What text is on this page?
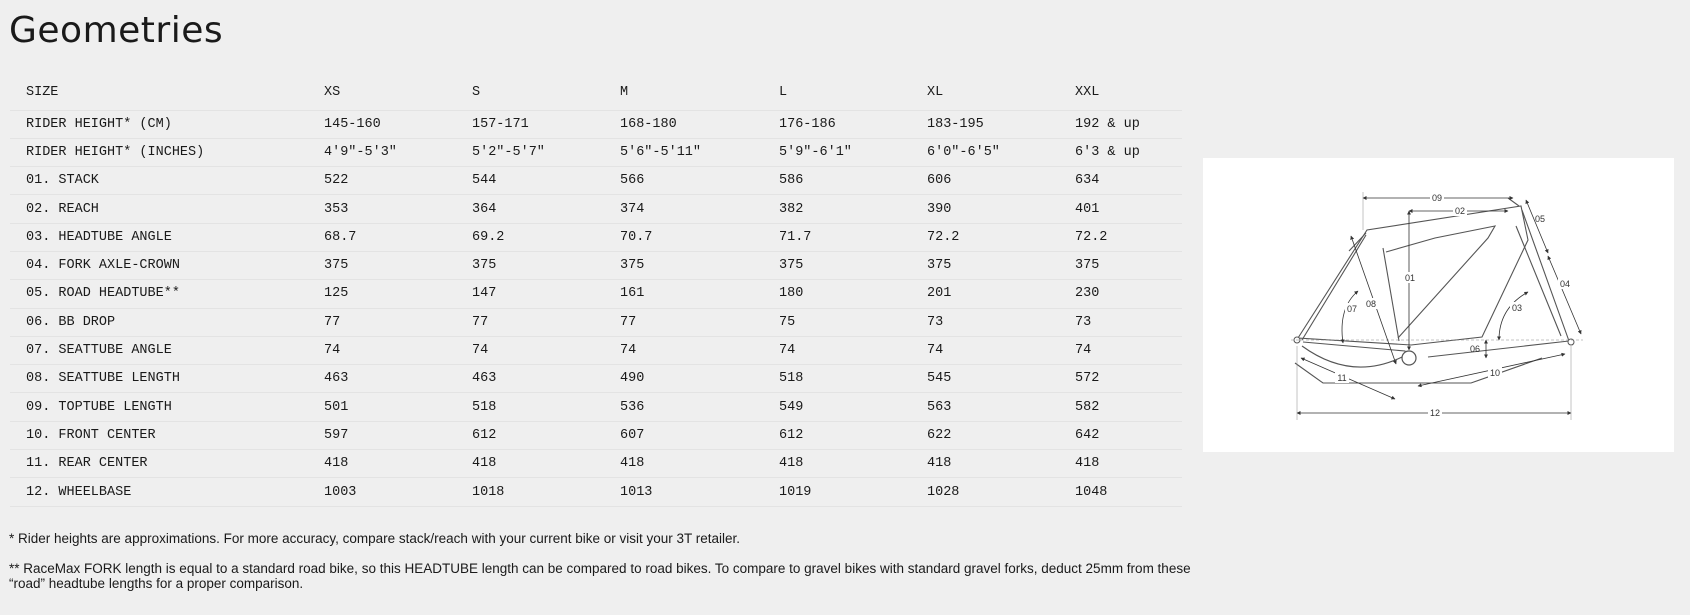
Geometries
SIZE	XS	S	M	L	XL	XXL
RIDER HEIGHT* (CM)	145-160	157-171	168-180	176-186	183-195	192 & up
RIDER HEIGHT* (INCHES)	4'9"-5'3"	5'2"-5'7"	5'6"-5'11"	5'9"-6'1"	6'0"-6'5"	6'3 & up
01. STACK	522	544	566	586	606	634
02. REACH	353	364	374	382	390	401
03. HEADTUBE ANGLE	68.7	69.2	70.7	71.7	72.2	72.2
04. FORK AXLE-CROWN	375	375	375	375	375	375
05. ROAD HEADTUBE**	125	147	161	180	201	230
06. BB DROP	77	77	77	75	73	73
07. SEATTUBE ANGLE	74	74	74	74	74	74
08. SEATTUBE LENGTH	463	463	490	518	545	572
09. TOPTUBE LENGTH	501	518	536	549	563	582
10. FRONT CENTER	597	612	607	612	622	642
11. REAR CENTER	418	418	418	418	418	418
12. WHEELBASE	1003	1018	1013	1019	1028	1048
09
02
05
01
04
07 08	03
06
11	10
12

* Rider heights are approximations. For more accuracy, compare stack/reach with your current bike or visit your 3T retailer.

** RaceMax FORK length is equal to a standard road bike, so this HEADTUBE length can be compared to road bikes. To compare to gravel bikes with standard gravel forks, deduct 25mm from these
“road” headtube lengths for a proper comparison.
